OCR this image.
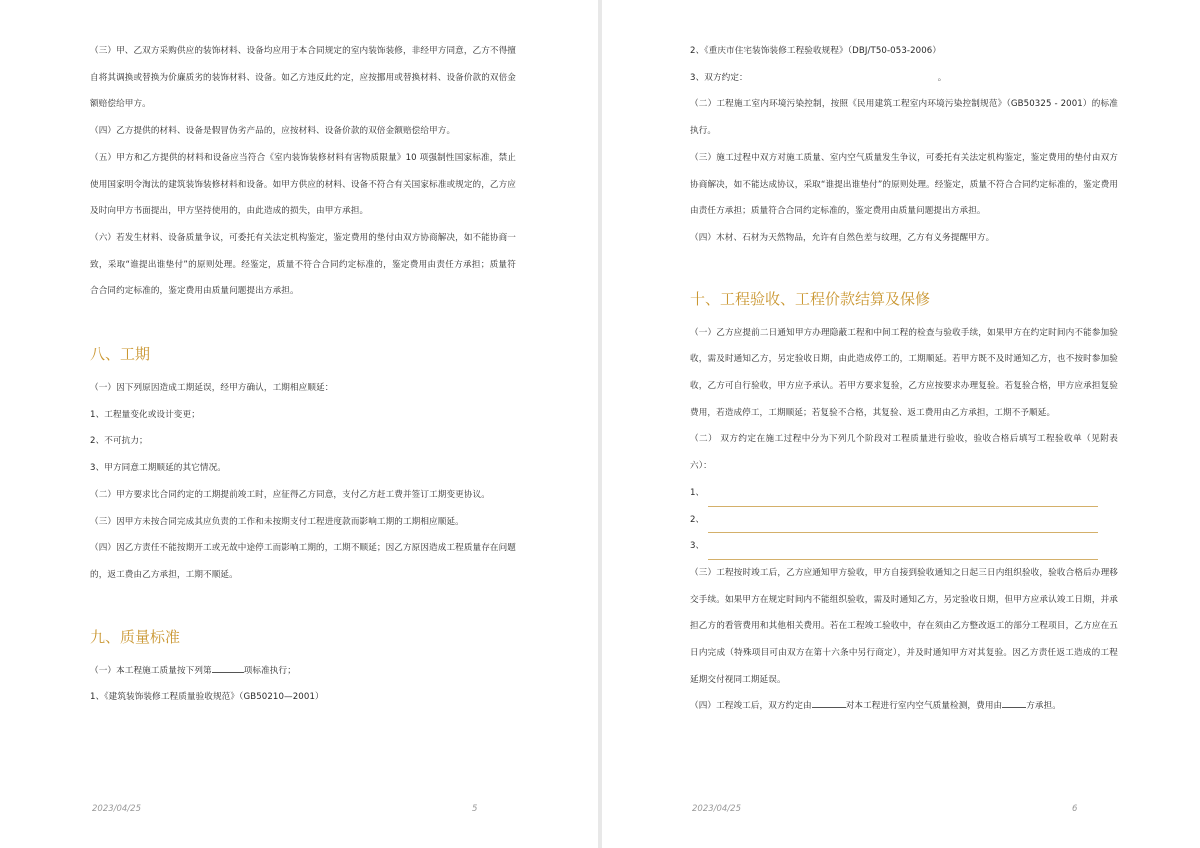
（三）甲、乙双方采购供应的装饰材料、设备均应用于本合同规定的室内装饰装修，非经甲方同意，乙方不得擅自将其调换或替换为价廉质劣的装饰材料、设备。如乙方违反此约定，应按挪用或替换材料、设备价款的双倍金额赔偿给甲方。

（四）乙方提供的材料、设备是假冒伪劣产品的，应按材料、设备价款的双倍金额赔偿给甲方。

（五）甲方和乙方提供的材料和设备应当符合《室内装饰装修材料有害物质限量》10 项强制性国家标准，禁止使用国家明令淘汰的建筑装饰装修材料和设备。如甲方供应的材料、设备不符合有关国家标准或规定的，乙方应及时向甲方书面提出，甲方坚持使用的，由此造成的损失，由甲方承担。

（六）若发生材料、设备质量争议，可委托有关法定机构鉴定，鉴定费用的垫付由双方协商解决，如不能协商一致，采取“谁提出谁垫付”的原则处理。经鉴定，质量不符合合同约定标准的，鉴定费用由责任方承担；质量符合合同约定标准的，鉴定费用由质量问题提出方承担。

八、工期

（一）因下列原因造成工期延误，经甲方确认，工期相应顺延：

1、工程量变化或设计变更；

2、不可抗力；

3、甲方同意工期顺延的其它情况。

（二）甲方要求比合同约定的工期提前竣工时，应征得乙方同意，支付乙方赶工费并签订工期变更协议。

（三）因甲方未按合同完成其应负责的工作和未按期支付工程进度款而影响工期的工期相应顺延。

（四）因乙方责任不能按期开工或无故中途停工而影响工期的，工期不顺延；因乙方原因造成工程质量存在问题的，返工费由乙方承担，工期不顺延。

九、质量标准

（一）本工程施工质量按下列第	项标准执行；

1、《建筑装饰装修工程质量验收规范》（GB50210—2001）

2023/04/25	5

2、《重庆市住宅装饰装修工程验收规程》（DBJ/T50-053-2006）

3、双方约定：	。

（二）工程施工室内环境污染控制，按照《民用建筑工程室内环境污染控制规范》（GB50325 - 2001）的标准执行。

（三）施工过程中双方对施工质量、室内空气质量发生争议，可委托有关法定机构鉴定，鉴定费用的垫付由双方协商解决，如不能达成协议，采取“谁提出谁垫付”的原则处理。经鉴定，质量不符合合同约定标准的，鉴定费用由责任方承担；质量符合合同约定标准的，鉴定费用由质量问题提出方承担。

（四）木材、石材为天然物品，允许有自然色差与纹理，乙方有义务提醒甲方。

十、工程验收、工程价款结算及保修

（一）乙方应提前二日通知甲方办理隐蔽工程和中间工程的检查与验收手续，如果甲方在约定时间内不能参加验收，需及时通知乙方，另定验收日期，由此造成停工的，工期顺延。若甲方既不及时通知乙方，也不按时参加验收，乙方可自行验收，甲方应予承认。若甲方要求复验，乙方应按要求办理复验。若复验合格，甲方应承担复验费用，若造成停工，工期顺延；若复验不合格，其复验、返工费用由乙方承担，工期不予顺延。

（二） 双方约定在施工过程中分为下列几个阶段对工程质量进行验收，验收合格后填写工程验收单（见附表六）：

1、
2、
3、

（三）工程按时竣工后，乙方应通知甲方验收，甲方自接到验收通知之日起三日内组织验收，验收合格后办理移交手续。如果甲方在规定时间内不能组织验收，需及时通知乙方，另定验收日期，但甲方应承认竣工日期，并承担乙方的看管费用和其他相关费用。若在工程竣工验收中，存在须由乙方整改返工的部分工程项目，乙方应在五日内完成（特殊项目可由双方在第十六条中另行商定），并及时通知甲方对其复验。因乙方责任返工造成的工程延期交付视同工期延误。

（四）工程竣工后，双方约定由	对本工程进行室内空气质量检测，费用由	方承担。

2023/04/25	6
